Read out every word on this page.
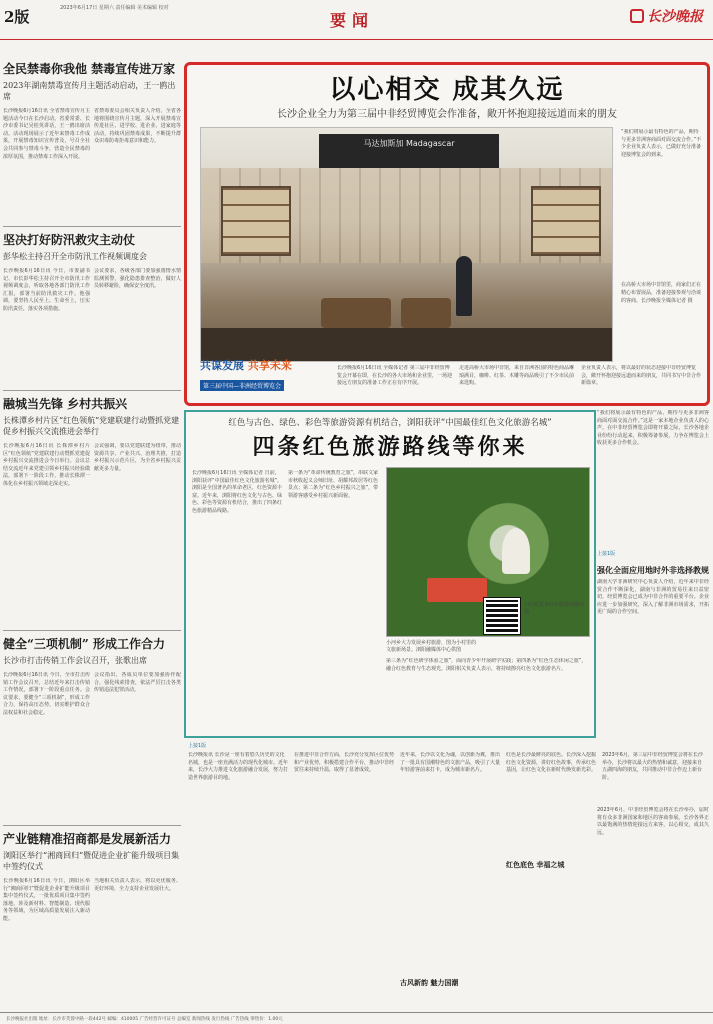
2版	2023年6月17日 星期六 责任编辑 美术编辑 校对
要闻	长沙晚报
全民禁毒你我他 禁毒宣传进万家
2023年湖南禁毒宣传月主题活动启动，王一鸥出席
长沙晚报6月16日讯 全省禁毒宣传月主题活动今日在长沙启动。省委常委、长沙市委书记吴桂英讲话，王一鸥出席活动。活动现场展示了近年来禁毒工作成果，开展禁毒知识宣传普及，号召全社会共同参与禁毒斗争，营造全民禁毒的浓厚氛围，推动禁毒工作深入开展。
省禁毒委员会相关负责人介绍，全省各地将围绕宣传月主题，深入开展禁毒宣传进社区、进学校、进企业、进家庭等活动，持续巩固禁毒成果，不断提升群众识毒防毒拒毒意识和能力。
坚决打好防汛救灾主动仗
彭华松主持召开全市防汛工作视频调度会
长沙晚报6月16日讯 今日，市委副书记、市长彭华松主持召开全市防汛工作视频调度会，听取各地各部门防汛工作汇报，部署当前防汛救灾工作。他强调，要坚持人民至上、生命至上，压实防汛责任，落实各项措施。
会议要求，各级各部门要加强雨情水情监测预警，强化隐患排查整治，做好人员转移避险，确保安全度汛。
融城当先锋 乡村共振兴
长株潭乡村片区“红色领航”党建联建行动暨抓党建促乡村振兴交流推进会举行
长沙晚报6月16日讯 长株潭乡村片区“红色领航”党建联建行动暨抓党建促乡村振兴交流推进会今日举行。会议总结交流近年来党建引领乡村振兴经验做法，部署下一阶段工作，推动长株潭一体化在乡村振兴领域走深走实。
会议强调，要以党建联建为纽带，推动资源共享、产业共兴、治理共推，打造乡村振兴示范片区，为全省乡村振兴贡献更多力量。
健全“三项机制” 形成工作合力
长沙市打击传销工作会议召开，张歌出席
长沙晚报6月16日讯 今日，全市打击传销工作会议召开，总结近年来打击传销工作情况，部署下一阶段重点任务。会议要求，要健全“三项机制”，形成工作合力，保持高压态势，切实维护群众合法权益和社会稳定。
会议指出，各成员单位要加强协作配合，强化线索排查，依法严厉打击各类传销违法犯罪活动。
产业链精准招商都是发展新活力
浏阳区举行“湘商回归”暨促进企业扩能升级项目集中签约仪式
长沙晚报6月16日讯 今日，浏阳区举行“湘商回归”暨促进企业扩能升级项目集中签约仪式，一批优质项目集中签约落地，涉及新材料、智能制造、现代服务等领域，为区域高质量发展注入新动能。
当地相关负责人表示，将以更优服务、更好环境，全力支持企业发展壮大。
以心相交 成其久远
长沙企业全力为第三届中非经贸博览会作准备，敞开怀抱迎接远道而来的朋友
马达加斯加 Madagascar
在高桥大市场中非馆里，商家们正在精心布置展品，准备迎接参观与洽谈的客商。长沙晚报全媒体记者 摄
共谋发展 共享未来
第三届中国—非洲经贸博览会
长沙晚报6月16日讯 全媒体记者 第三届中非经贸博览会开幕在即，在长沙的各大市场和企业里，一场迎接远方朋友的准备工作正在有序开展。
走进高桥大市场中非馆，来自非洲各国的特色商品琳琅满目，咖啡、红茶、木雕等商品吸引了不少市民前来选购。
企业负责人表示，将以最好的状态迎接中非经贸博览会，敞开怀抱迎接远道而来的朋友，共同书写中非合作新篇章。
“我们将展示最有特色的产品，期待与更多非洲客商面对面交流合作。”不少企业负责人表示，已做好充分准备迎接博览会的到来。
红色与古色、绿色、彩色等旅游资源有机结合，浏阳获评“中国最佳红色文化旅游名城”
四条红色旅游路线等你来
长沙晚报6月16日讯 全媒体记者 日前，浏阳获评“中国最佳红色文化旅游名城”。浏阳是全国著名的革命老区，红色资源丰富。近年来，浏阳将红色文化与古色、绿色、彩色等资源有机结合，推出了四条红色旅游精品线路。
第一条为“革命传统教育之旅”，串联文家市秋收起义会师旧址、胡耀邦故居等红色景点；第二条为“红色乡村振兴之旅”，带领游客感受乡村振兴新面貌。
小河乡大力发展乡村旅游，图为小村里的文旅新场景。浏阳融媒体中心供图
扫码看更多红色旅游线路详情
第三条为“红色研学体验之旅”，面向青少年开展研学实践；第四条为“红色生态休闲之旅”，融合红色教育与生态观光。浏阳相关负责人表示，将持续擦亮红色文化旅游名片。
“我们将展示最有特色的产品，期待与更多非洲客商面对面交流合作。”这是一家本地企业负责人的心声。在中非经贸博览会即将开幕之际，长沙各地企业纷纷行动起来，积极筹备参展，力争在博览会上收获更多合作机会。
上接1版
强化全面应用地时外非选择教规
湖南大学非洲研究中心负责人介绍，近年来中非经贸合作不断深化，湖南与非洲的贸易往来日益密切，经贸博览会已成为中非合作的重要平台。企业应进一步加强研究，深入了解非洲市场需求，开拓更广阔的合作空间。
2023年6月，中非经贸博览会将在长沙举办，届时将有众多非洲国家和地区的客商参展。长沙各界正以最饱满的热情迎接远方来客，以心相交，成其久远。
上接1版
长沙晚报讯 长沙是一座有着悠久历史的文化名城，也是一座充满活力的现代化城市。近年来，长沙大力推进文化旅游融合发展，努力打造世界旅游目的地。
在推进中非合作方面，长沙充分发挥区位优势和产业优势，积极搭建合作平台，推动中非经贸往来持续升温，取得了显著成效。
古风新韵 魅力国潮
近年来，长沙以文化为魂，以创新为翼，推出了一批具有国潮特色的文旅产品，吸引了大量年轻游客前来打卡，成为城市新名片。
红色底色 幸福之城
红色是长沙最鲜亮的底色。长沙深入挖掘红色文化资源，讲好红色故事，传承红色基因，让红色文化在新时代焕发新光彩。
2023年6月，第三届中非经贸博览会将在长沙举办，长沙将以最大的热情和诚意，迎接来自五湖四海的朋友，共同推动中非合作迈上新台阶。
长沙晚报社出版 地址：长沙市芙蓉中路一段442号 邮编：410005 广告经营许可证号 总编室 新闻热线 发行热线 广告热线 零售价：1.00元
